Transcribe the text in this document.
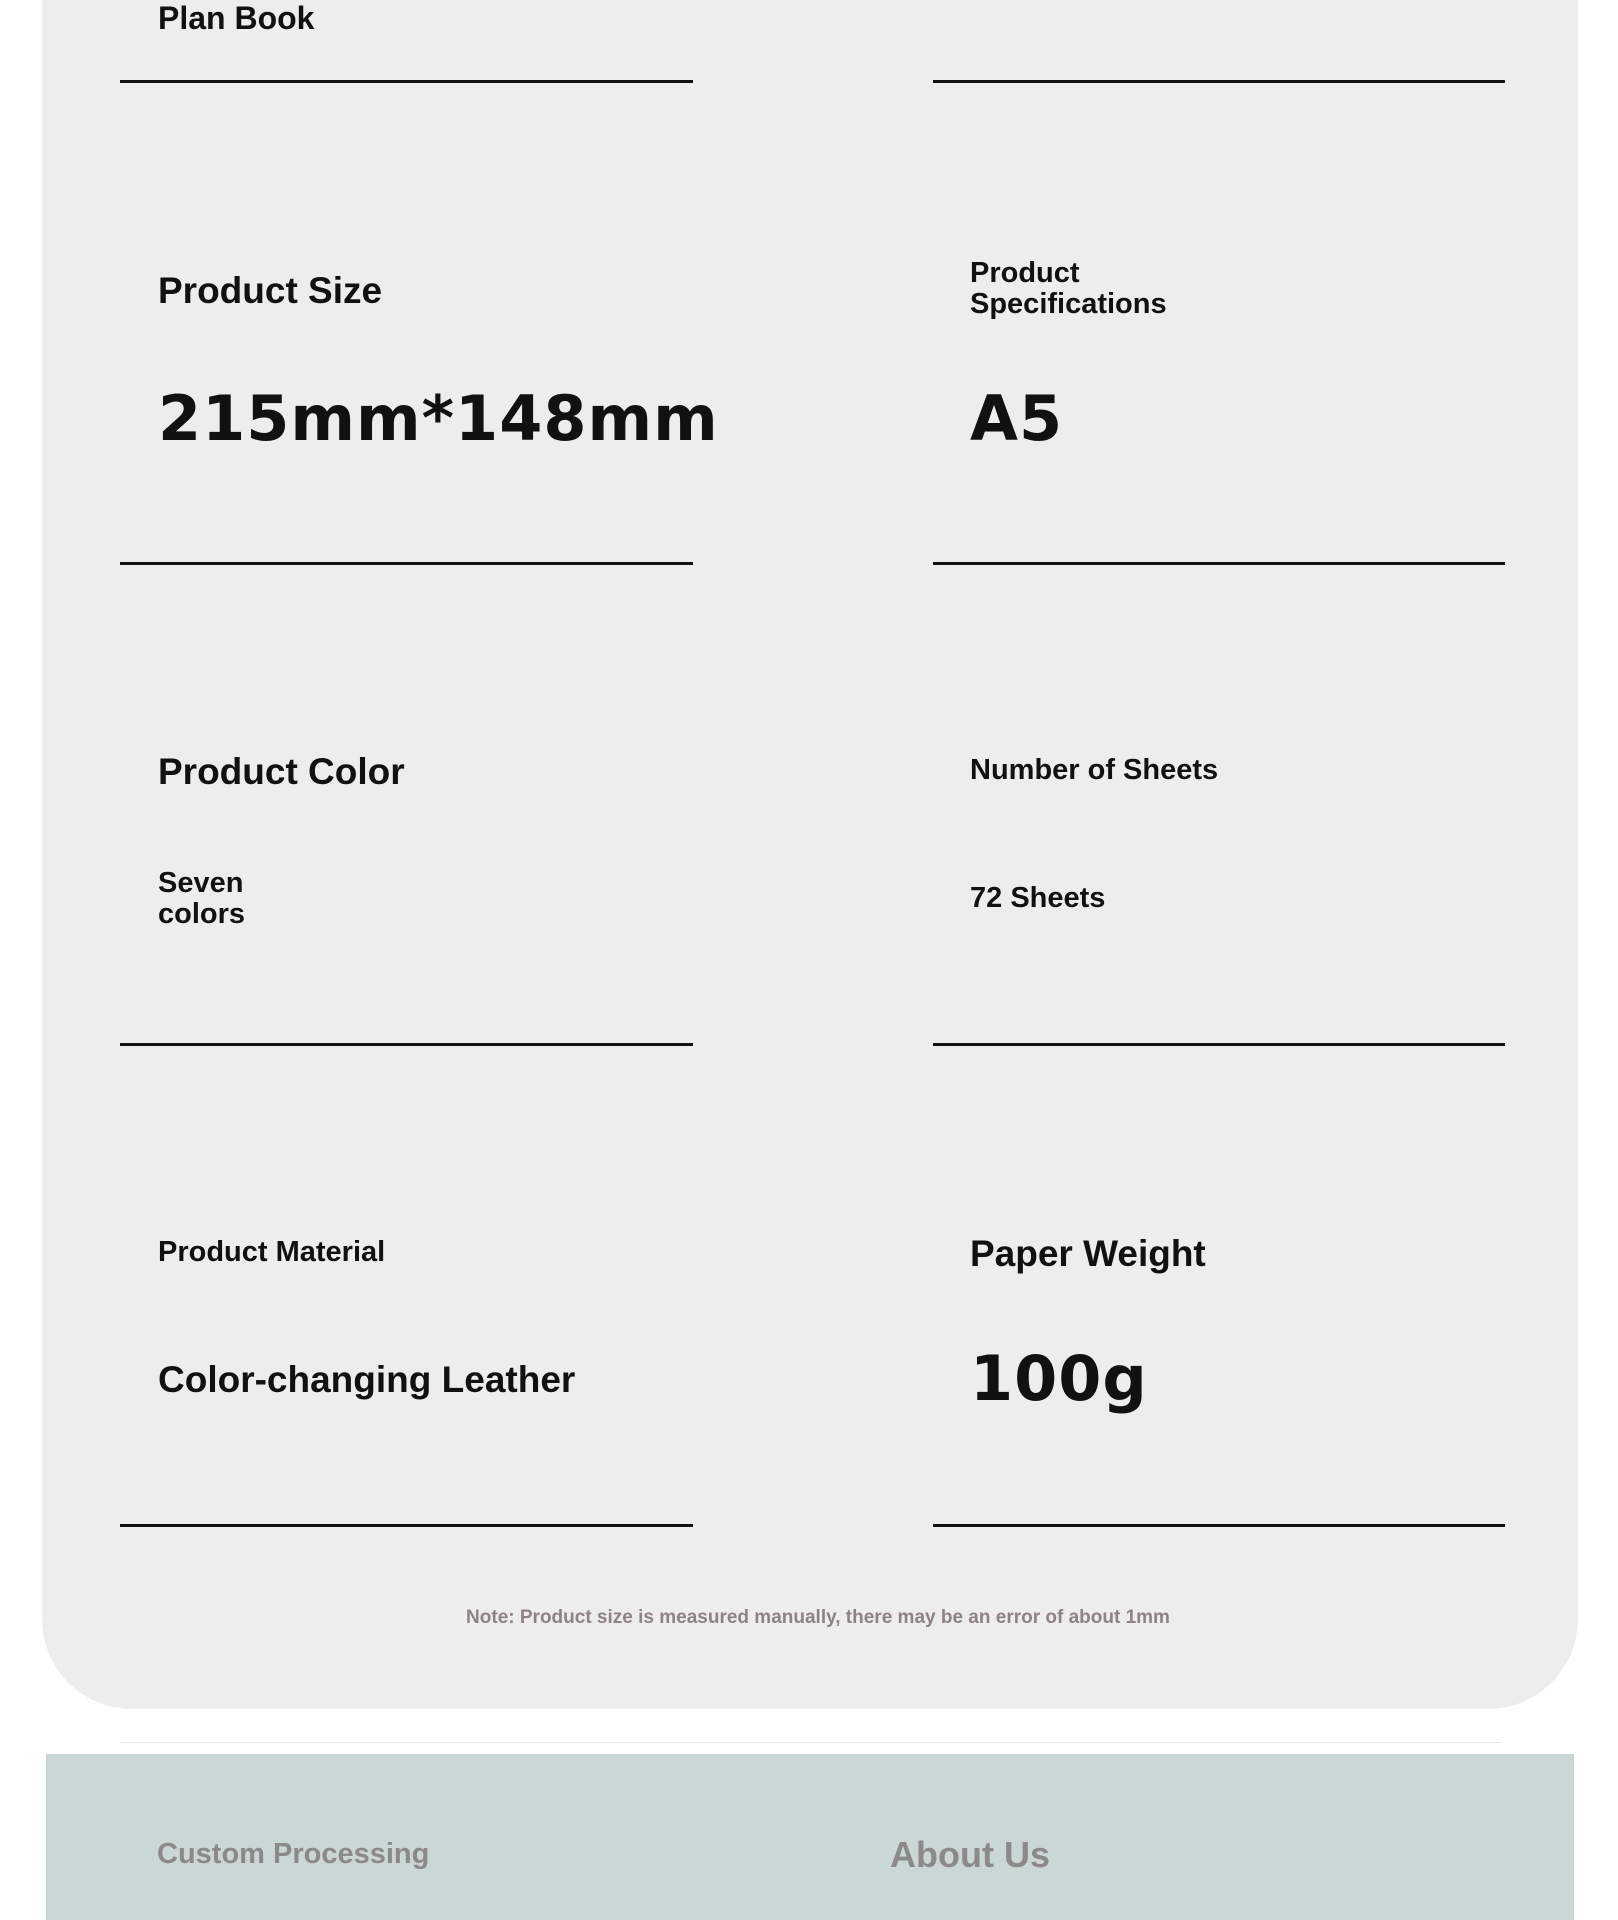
Plan Book
Product Size
215mm*148mm
Product Specifications
A5
Product Color
Seven colors
Number of Sheets
72 Sheets
Product Material
Color-changing Leather
Paper Weight
100g
Note: Product size is measured manually, there may be an error of about 1mm
Custom Processing	About Us
